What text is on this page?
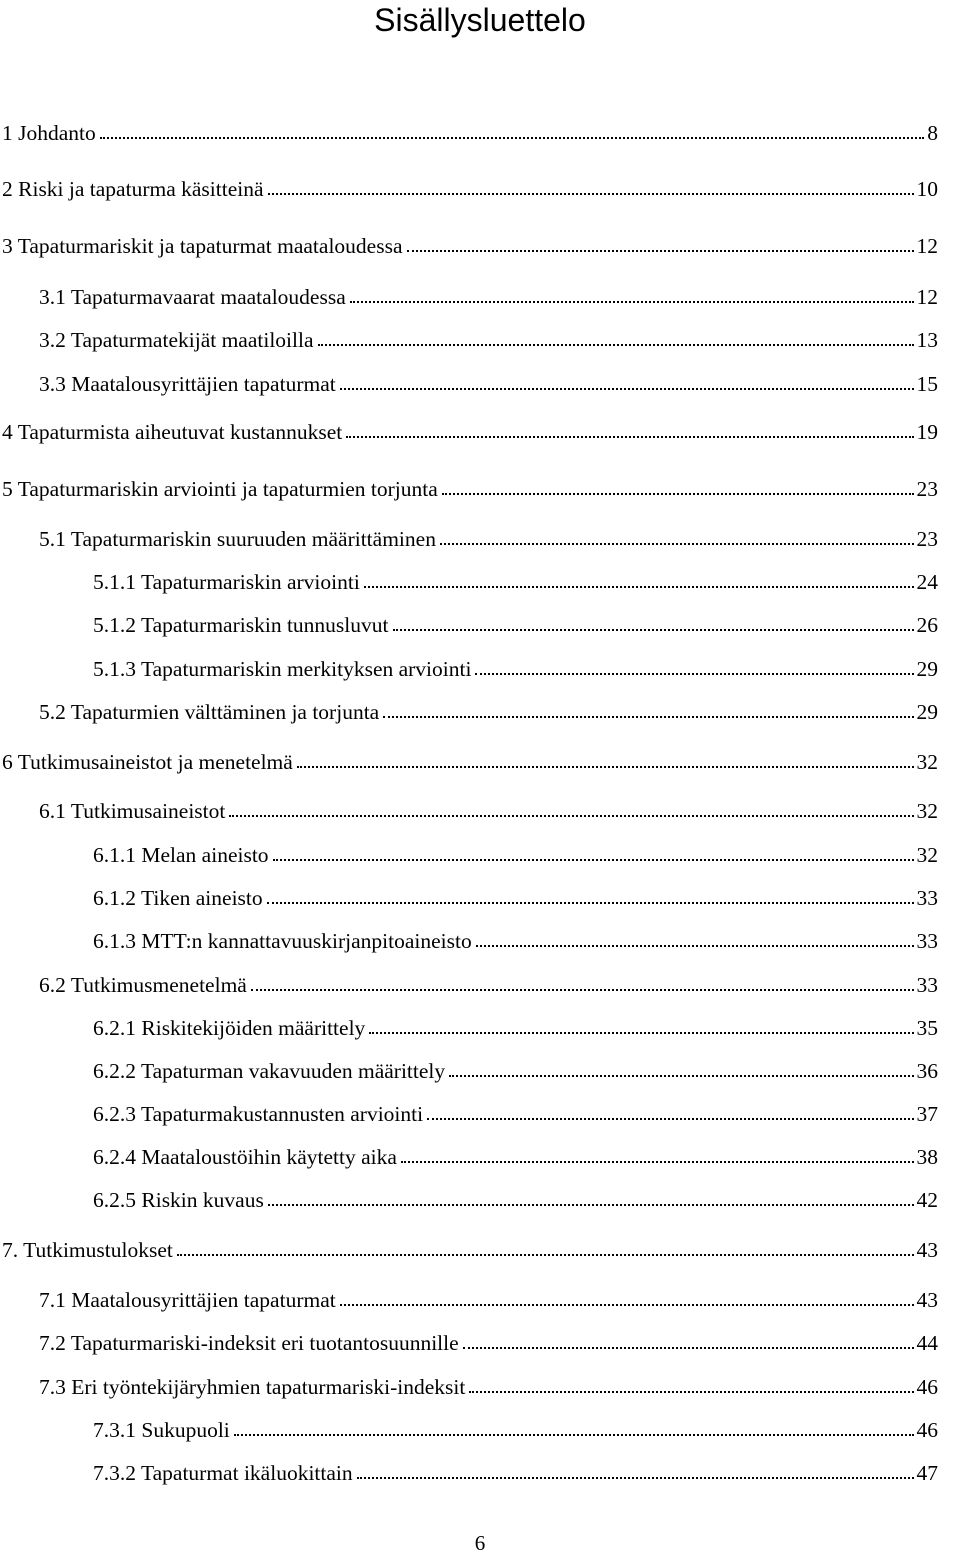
Sisällysluettelo
1 Johdanto	8
2 Riski ja tapaturma käsitteinä	10
3 Tapaturmariskit ja tapaturmat maataloudessa	12
3.1 Tapaturmavaarat maataloudessa	12
3.2 Tapaturmatekijät maatiloilla	13
3.3 Maatalousyrittäjien tapaturmat	15
4 Tapaturmista aiheutuvat kustannukset	19
5 Tapaturmariskin arviointi ja tapaturmien torjunta	23
5.1 Tapaturmariskin suuruuden määrittäminen	23
5.1.1 Tapaturmariskin arviointi	24
5.1.2 Tapaturmariskin tunnusluvut	26
5.1.3 Tapaturmariskin merkityksen arviointi	29
5.2 Tapaturmien välttäminen ja torjunta	29
6 Tutkimusaineistot ja menetelmä	32
6.1 Tutkimusaineistot	32
6.1.1 Melan aineisto	32
6.1.2 Tiken aineisto	33
6.1.3 MTT:n kannattavuuskirjanpitoaineisto	33
6.2 Tutkimusmenetelmä	33
6.2.1 Riskitekijöiden määrittely	35
6.2.2 Tapaturman vakavuuden määrittely	36
6.2.3 Tapaturmakustannusten arviointi	37
6.2.4 Maataloustöihin käytetty aika	38
6.2.5 Riskin kuvaus	42
7. Tutkimustulokset	43
7.1 Maatalousyrittäjien tapaturmat	43
7.2 Tapaturmariski-indeksit eri tuotantosuunnille	44
7.3 Eri työntekijäryhmien tapaturmariski-indeksit	46
7.3.1 Sukupuoli	46
7.3.2 Tapaturmat ikäluokittain	47
6
